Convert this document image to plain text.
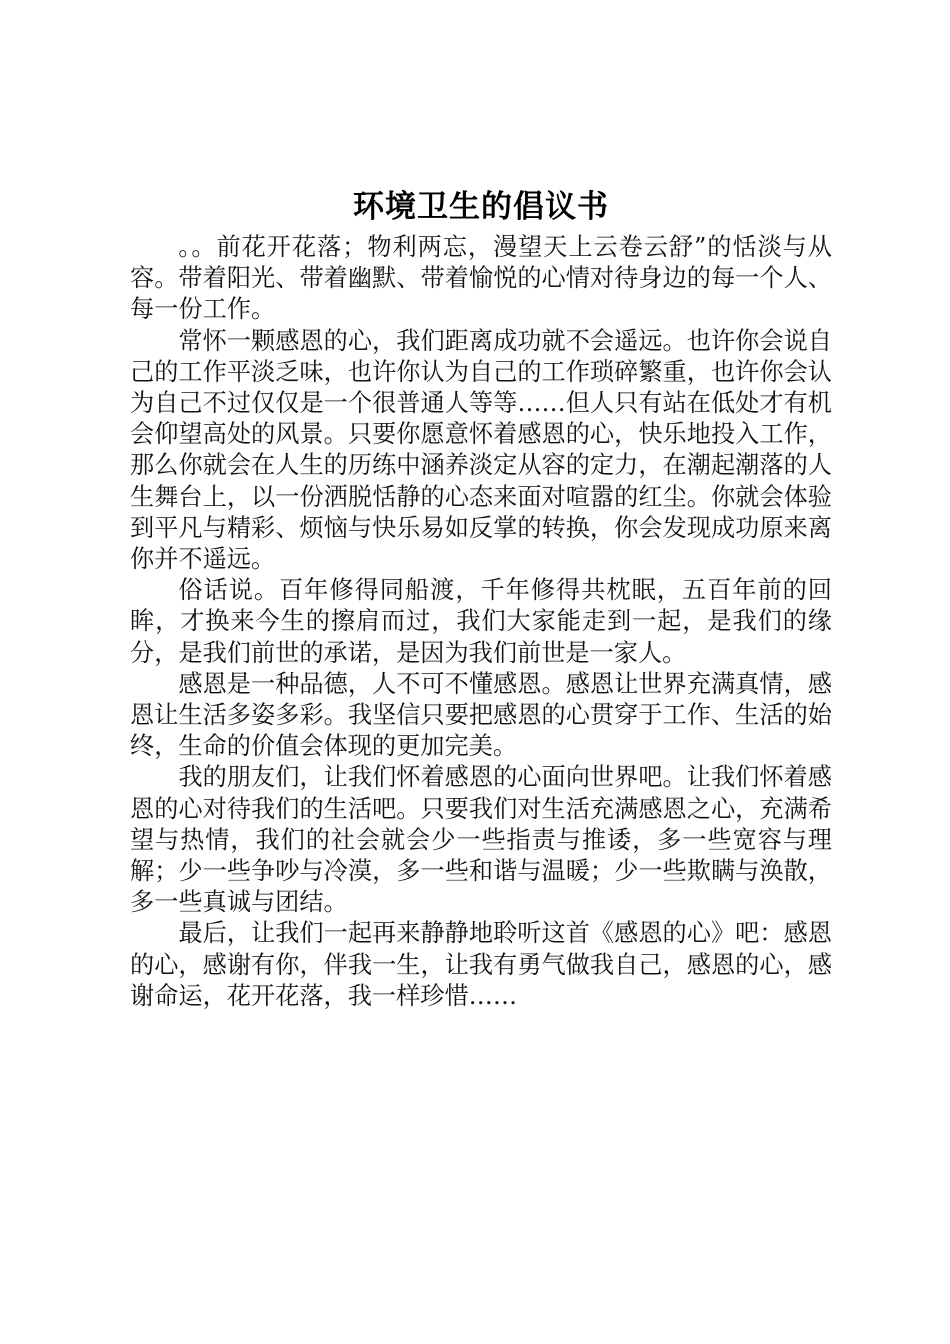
环境卫生的倡议书

。。前花开花落；物利两忘，漫望天上云卷云舒”的恬淡与从容。带着阳光、带着幽默、带着愉悦的心情对待身边的每一个人、每一份工作。

常怀一颗感恩的心，我们距离成功就不会遥远。也许你会说自己的工作平淡乏味，也许你认为自己的工作琐碎繁重，也许你会认为自己不过仅仅是一个很普通人等等……但人只有站在低处才有机会仰望高处的风景。只要你愿意怀着感恩的心，快乐地投入工作，那么你就会在人生的历练中涵养淡定从容的定力，在潮起潮落的人生舞台上，以一份洒脱恬静的心态来面对喧嚣的红尘。你就会体验到平凡与精彩、烦恼与快乐易如反掌的转换，你会发现成功原来离你并不遥远。

俗话说。百年修得同船渡，千年修得共枕眠，五百年前的回眸，才换来今生的擦肩而过，我们大家能走到一起，是我们的缘分，是我们前世的承诺，是因为我们前世是一家人。

感恩是一种品德，人不可不懂感恩。感恩让世界充满真情，感恩让生活多姿多彩。我坚信只要把感恩的心贯穿于工作、生活的始终，生命的价值会体现的更加完美。

我的朋友们，让我们怀着感恩的心面向世界吧。让我们怀着感恩的心对待我们的生活吧。只要我们对生活充满感恩之心，充满希望与热情，我们的社会就会少一些指责与推诿，多一些宽容与理解；少一些争吵与冷漠，多一些和谐与温暖；少一些欺瞒与涣散，多一些真诚与团结。

最后，让我们一起再来静静地聆听这首《感恩的心》吧：感恩的心，感谢有你，伴我一生，让我有勇气做我自己，感恩的心，感谢命运，花开花落，我一样珍惜……
